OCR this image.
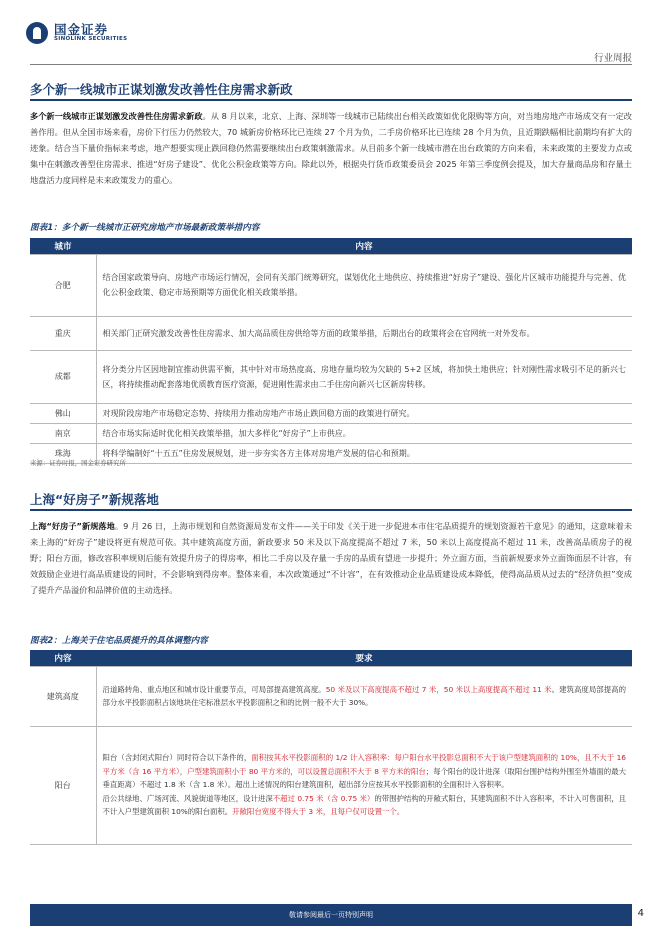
国金证券
SINOLINK SECURITIES
行业周报
多个新一线城市正谋划激发改善性住房需求新政
多个新一线城市正谋划激发改善性住房需求新政。从 8 月以来，北京、上海、深圳等一线城市已陆续出台相关政策如优化限购等方向，对当地房地产市场成交有一定改善作用。但从全国市场来看，房价下行压力仍然较大，70 城新房价格环比已连续 27 个月为负，二手房价格环比已连续 28 个月为负，且近期跌幅相比前期均有扩大的迹象。结合当下量价指标来考虑，地产想要实现止跌回稳仍然需要继续出台政策刺激需求。从目前多个新一线城市潜在出台政策的方向来看，未来政策的主要发力点或集中在刺激改善型住房需求、推进“好房子建设”、优化公积金政策等方向。除此以外，根据央行货币政策委员会 2025 年第三季度例会提及，加大存量商品房和存量土地盘活力度同样是未来政策发力的重心。
图表1：多个新一线城市正研究房地产市场最新政策举措内容
城市	内容
合肥	结合国家政策导向、房地产市场运行情况，会同有关部门统筹研究，谋划优化土地供应、持续推进“好房子”建设、强化片区城市功能提升与完善、优化公积金政策、稳定市场预期等方面优化相关政策举措。
重庆	相关部门正研究激发改善性住房需求、加大高品质住房供给等方面的政策举措，后期出台的政策将会在官网统一对外发布。
成都	将分类分片区因地制宜推动供需平衡，其中针对市场热度高、房地存量均较为欠缺的 5+2 区域，将加快土地供应；针对刚性需求吸引不足的新兴七区，将持续推动配套落地优质教育医疗资源，促进刚性需求由二手住房向新兴七区新房转移。
佛山	对现阶段房地产市场稳定态势、持续用力推动房地产市场止跌回稳方面的政策进行研究。
南京	结合市场实际适时优化相关政策举措，加大多样化“好房子”上市供应。
珠海	将科学编制好“十五五”住房发展规划，进一步夯实各方主体对房地产发展的信心和预期。
来源：证券时报，国金证券研究所
上海“好房子”新规落地
上海“好房子”新规落地。9 月 26 日，上海市规划和自然资源局发布文件——关于印发《关于进一步促进本市住宅品质提升的规划资源若干意见》的通知，这意味着未来上海的“好房子”建设将更有规范可依。其中建筑高度方面，新政要求 50 米及以下高度提高不超过 7 米，50 米以上高度提高不超过 11 米，改善高品质房子的视野；阳台方面，修改容积率规则后能有效提升房子的得房率，相比二手房以及存量一手房的品质有望进一步提升；外立面方面，当前新规要求外立面饰面层不计容，有效鼓励企业进行高品质建设的同时，不会影响到得房率。整体来看，本次政策通过“不计容”，在有效推动企业品质建设成本降低，使得高品质从过去的“经济负担”变成了提升产品溢价和品牌价值的主动选择。
图表2：上海关于住宅品质提升的具体调整内容
内容	要求
建筑高度	沿道路转角、重点地区和城市设计重要节点，可局部提高建筑高度。50 米及以下高度提高不超过 7 米，50 米以上高度提高不超过 11 米。建筑高度局部提高的部分水平投影面积占该地块住宅标准层水平投影面积之和的比例一般不大于 30%。
阳台	阳台（含封闭式阳台）同时符合以下条件的，面积按其水平投影面积的 1/2 计入容积率：每户阳台水平投影总面积不大于该户型建筑面积的 10%，且不大于 16 平方米（含 16 平方米），户型建筑面积小于 80 平方米的，可以设置总面积不大于 8 平方米的阳台；每个阳台的设计进深（取阳台围护结构外围至外墙面的最大垂直距离）不超过 1.8 米（含 1.8 米）。超出上述情况的阳台建筑面积，超出部分应按其水平投影面积的全面积计入容积率。
沿公共绿地、广场河流、风貌街道等地区，设计进深不超过 0.75 米（含 0.75 米）的带围护结构的开敞式阳台，其建筑面积不计入容积率，不计入可售面积，且不计入户型建筑面积 10%的阳台面积。开敞阳台宽度不得大于 3 米，且每户仅可设置一个。
敬请参阅最后一页特别声明	4
